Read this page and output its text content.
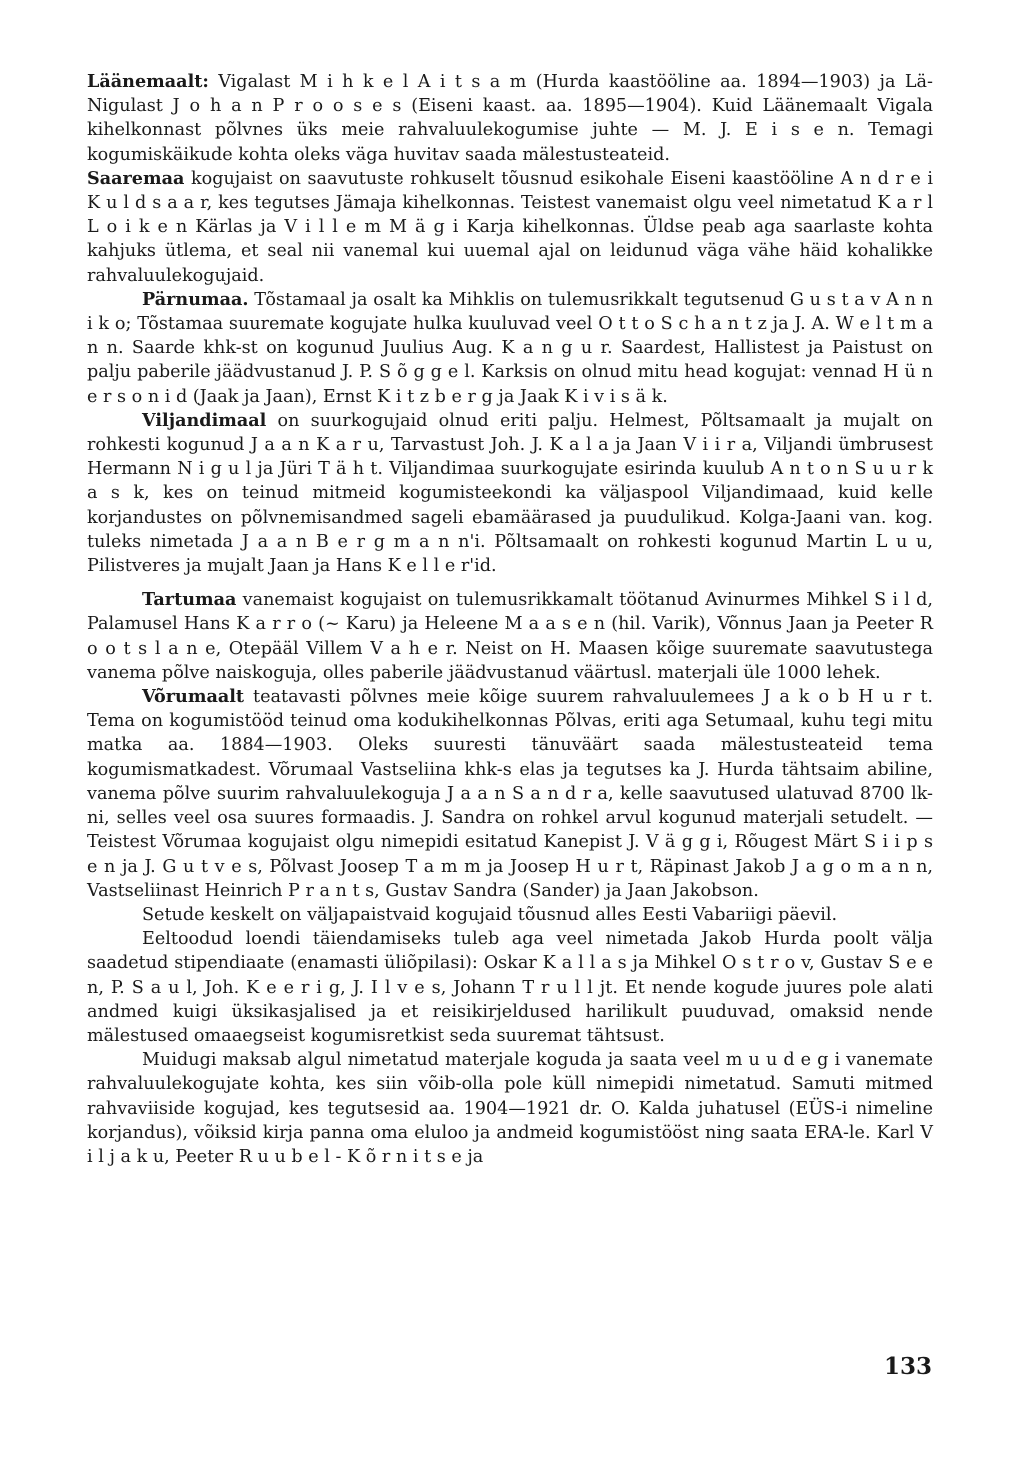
Läänemaalt: Vigalast M i h k e l A i t s a m (Hurda kaastööline aa. 1894—1903) ja Lä-Nigulast J o h a n P r o o s e s (Eiseni kaast. aa. 1895—1904). Kuid Läänemaalt Vigala kihelkonnast põlvnes üks meie rahvaluulekogumise juhte — M. J. E i s e n. Temagi kogumiskäikude kohta oleks väga huvitav saada mälestusteateid.

Saaremaa kogujaist on saavutuste rohkuselt tõusnud esikohale Eiseni kaastööline A n d r e i K u l d s a a r, kes tegutses Jämaja kihelkonnas. Teistest vanemaist olgu veel nimetatud K a r l L o i k e n Kärlas ja V i l l e m M ä g i Karja kihelkonnas. Üldse peab aga saarlaste kohta kahjuks ütlema, et seal nii vanemal kui uuemal ajal on leidunud väga vähe häid kohalikke rahvaluulekogujaid.

Pärnumaa. Tõstamaal ja osalt ka Mihklis on tulemusrikkalt tegutsenud G u s t a v A n n i k o; Tõstamaa suuremate kogujate hulka kuuluvad veel O t t o S c h a n t z ja J. A. W e l t m a n n. Saarde khk-st on kogunud Juulius Aug. K a n g u r. Saardest, Hallistest ja Paistust on palju paberile jäädvustanud J. P. S õ g g e l. Karksis on olnud mitu head kogujat: vennad H ü n e r s o n i d (Jaak ja Jaan), Ernst K i t z b e r g ja Jaak K i v i s ä k.

Viljandimaal on suurkogujaid olnud eriti palju. Helmest, Põltsamaalt ja mujalt on rohkesti kogunud J a a n K a r u, Tarvastust Joh. J. K a l a ja Jaan V i i r a, Viljandi ümbrusest Hermann N i g u l ja Jüri T ä h t. Viljandimaa suurkogujate esirinda kuulub A n t o n S u u r k a s k, kes on teinud mitmeid kogumisteekondi ka väljaspool Viljandimaad, kuid kelle korjandustes on põlvnemisandmed sageli ebamäärased ja puudulikud. Kolga-Jaani van. kog. tuleks nimetada J a a n B e r g m a n n'i. Põltsamaalt on rohkesti kogunud Martin L u u, Pilistveres ja mujalt Jaan ja Hans K e l l e r'id.

Tartumaa vanemaist kogujaist on tulemusrikkamalt töötanud Avinurmes Mihkel S i l d, Palamusel Hans K a r r o (~ Karu) ja Heleene M a a s e n (hil. Varik), Võnnus Jaan ja Peeter R o o t s l a n e, Otepääl Villem V a h e r. Neist on H. Maasen kõige suuremate saavutustega vanema põlve naiskoguja, olles paberile jäädvustanud väärtusl. materjali üle 1000 lehek.

Võrumaalt teatavasti põlvnes meie kõige suurem rahvaluulemees J a k o b H u r t. Tema on kogumistööd teinud oma kodukihelkonnas Põlvas, eriti aga Setumaal, kuhu tegi mitu matka aa. 1884—1903. Oleks suuresti tänuväärt saada mälestusteateid tema kogumismatkadest. Võrumaal Vastseliina khk-s elas ja tegutses ka J. Hurda tähtsaim abiline, vanema põlve suurim rahvaluulekoguja J a a n S a n d r a, kelle saavutused ulatuvad 8700 lk-ni, selles veel osa suures formaadis. J. Sandra on rohkel arvul kogunud materjali setudelt. — Teistest Võrumaa kogujaist olgu nimepidi esitatud Kanepist J. V ä g g i, Rõugest Märt S i i p s e n ja J. G u t v e s, Põlvast Joosep T a m m ja Joosep H u r t, Räpinast Jakob J a g o m a n n, Vastseliinast Heinrich P r a n t s, Gustav Sandra (Sander) ja Jaan Jakobson.

Setude keskelt on väljapaistvaid kogujaid tõusnud alles Eesti Vabariigi päevil.

Eeltoodud loendi täiendamiseks tuleb aga veel nimetada Jakob Hurda poolt välja saadetud stipendiaate (enamasti üliõpilasi): Oskar K a l l a s ja Mihkel O s t r o v, Gustav S e e n, P. S a u l, Joh. K e e r i g, J. I l v e s, Johann T r u l l jt. Et nende kogude juures pole alati andmed kuigi üksikasjalised ja et reisikirjeldused harilikult puuduvad, omaksid nende mälestused omaaegseist kogumisretkist seda suuremat tähtsust.

Muidugi maksab algul nimetatud materjale koguda ja saata veel m u u d e g i vanemate rahvaluulekogujate kohta, kes siin võib-olla pole küll nimepidi nimetatud. Samuti mitmed rahvaviiside kogujad, kes tegutsesid aa. 1904—1921 dr. O. Kalda juhatusel (EÜS-i nimeline korjandus), võiksid kirja panna oma eluloo ja andmeid kogumistööst ning saata ERA-le. Karl V i l j a k u, Peeter R u u b e l - K õ r n i t s e ja

133
